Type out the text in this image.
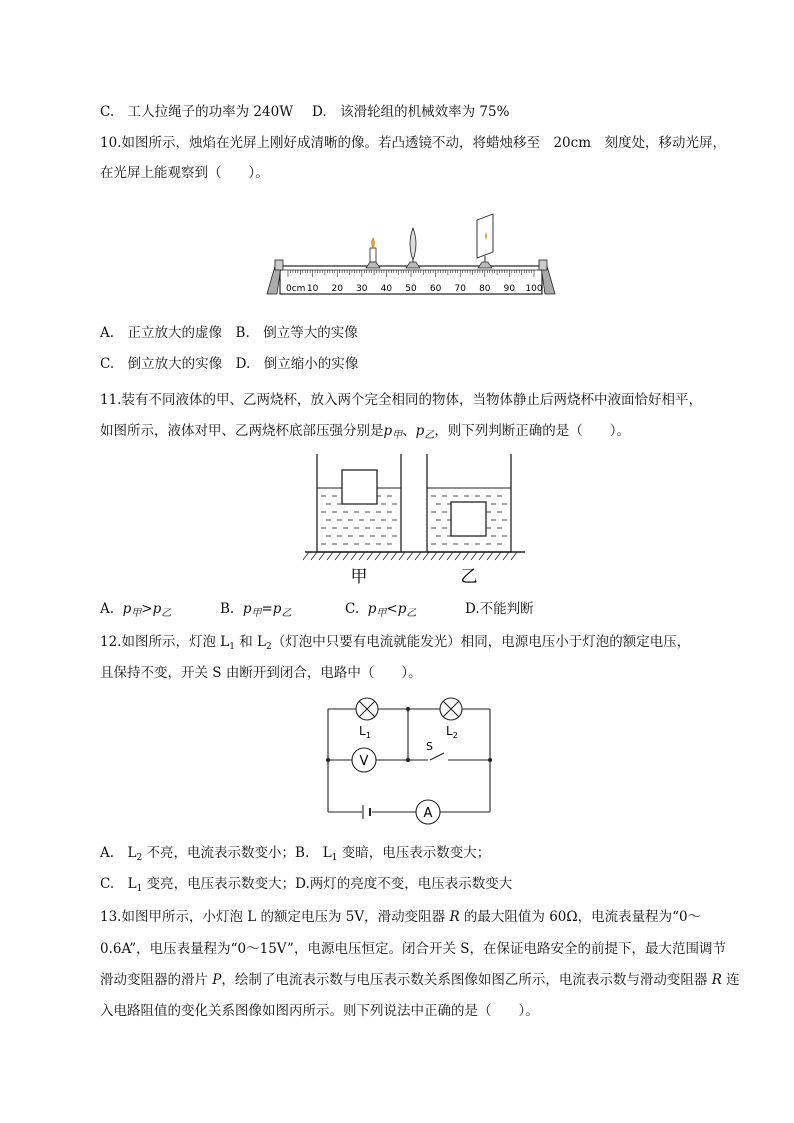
C.　工人拉绳子的功率为 240W D.　该滑轮组的机械效率为 75%
10.如图所示，烛焰在光屏上刚好成清晰的像。若凸透镜不动，将蜡烛移至　20cm　刻度处，移动光屏，
在光屏上能观察到（　　）。
0cm 10 20 30 40 50 60 70 80 90 100
A.　正立放大的虚像　B.　倒立等大的实像
C.　倒立放大的实像　D.　倒立缩小的实像
11.装有不同液体的甲、乙两烧杯，放入两个完全相同的物体，当物体静止后两烧杯中液面恰好相平，
如图所示，液体对甲、乙两烧杯底部压强分别是$p_甲$、$p_乙$，则下列判断正确的是（　　）。
甲	乙
A. $p_甲>p_乙$	B. $p_甲=p_乙$	C. $p_甲<p_乙$	D.不能判断
12.如图所示，灯泡 $L_1$ 和 $L_2$（灯泡中只要有电流就能发光）相同，电源电压小于灯泡的额定电压，
且保持不变，开关 S 由断开到闭合，电路中（　　）。
V
A
S
$L_1$	$L_2$
A.　$L_2$ 不亮，电流表示数变小；B.　$L_1$ 变暗，电压表示数变大；
C.　$L_1$ 变亮，电压表示数变大；D.两灯的亮度不变，电压表示数变大
13.如图甲所示，小灯泡 L 的额定电压为 5V，滑动变阻器 R 的最大阻值为 60Ω，电流表量程为“0～
0.6A”，电压表量程为“0～15V”，电源电压恒定。闭合开关 S，在保证电路安全的前提下，最大范围调节
滑动变阻器的滑片 P，绘制了电流表示数与电压表示数关系图像如图乙所示，电流表示数与滑动变阻器 R 连
入电路阻值的变化关系图像如图丙所示。则下列说法中正确的是（　　）。
